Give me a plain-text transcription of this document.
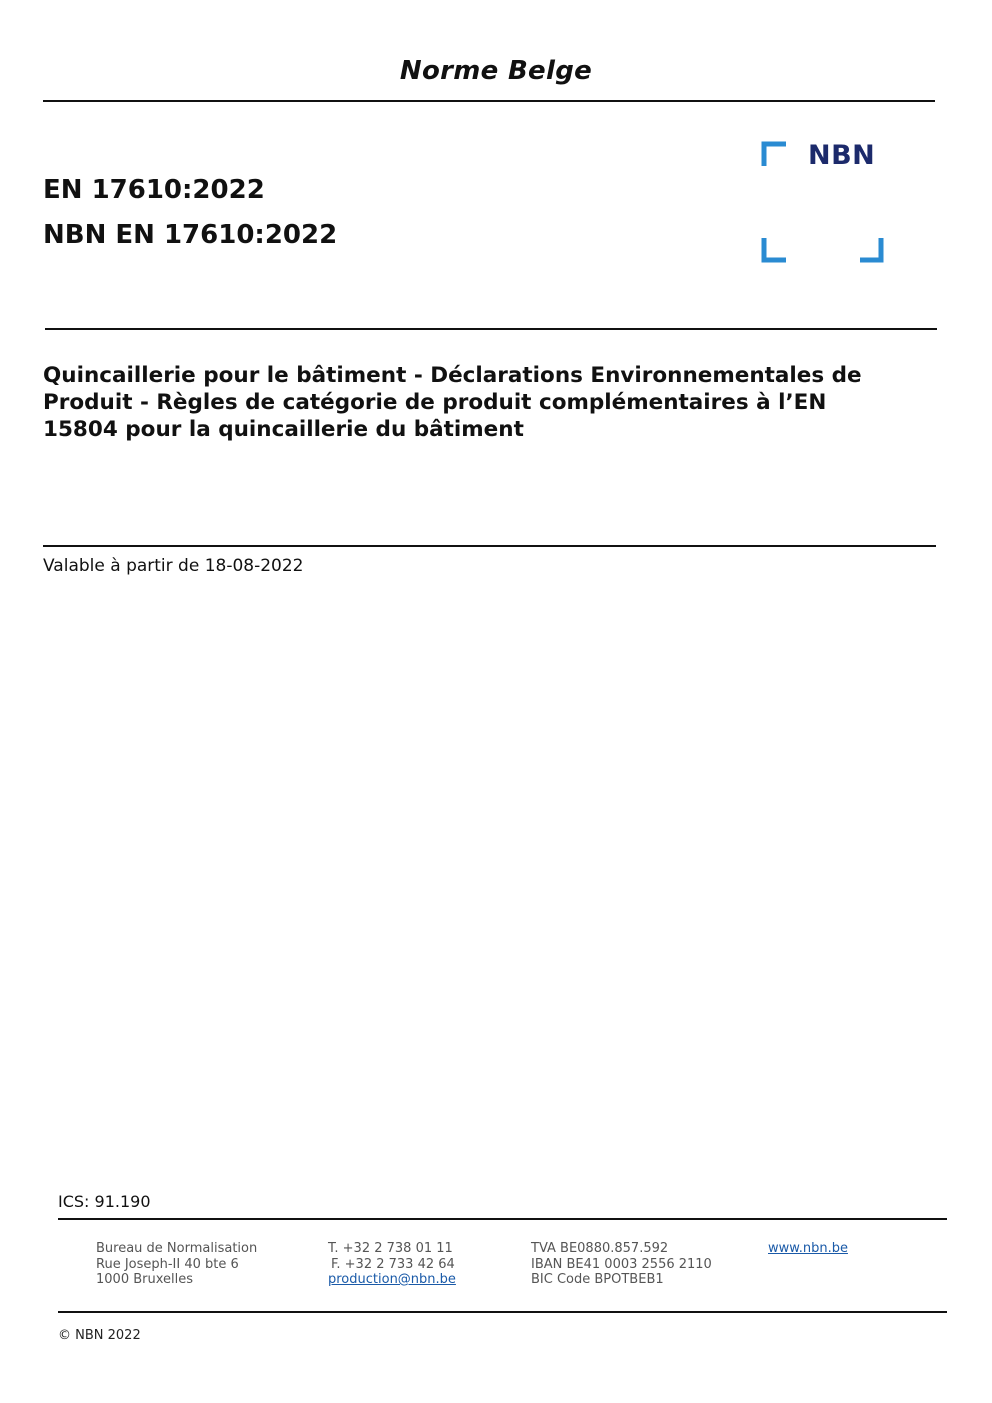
Norme Belge
EN 17610:2022
NBN EN 17610:2022
NBN
Quincaillerie pour le bâtiment - Déclarations Environnementales de Produit - Règles de catégorie de produit complémentaires à l’EN 15804 pour la quincaillerie du bâtiment
Valable à partir de 18-08-2022
ICS: 91.190
Bureau de Normalisation
Rue Joseph-II 40 bte 6
1000 Bruxelles
T. +32 2 738 01 11
F. +32 2 733 42 64
production@nbn.be
TVA BE0880.857.592
IBAN BE41 0003 2556 2110
BIC Code BPOTBEB1
www.nbn.be
© NBN 2022
